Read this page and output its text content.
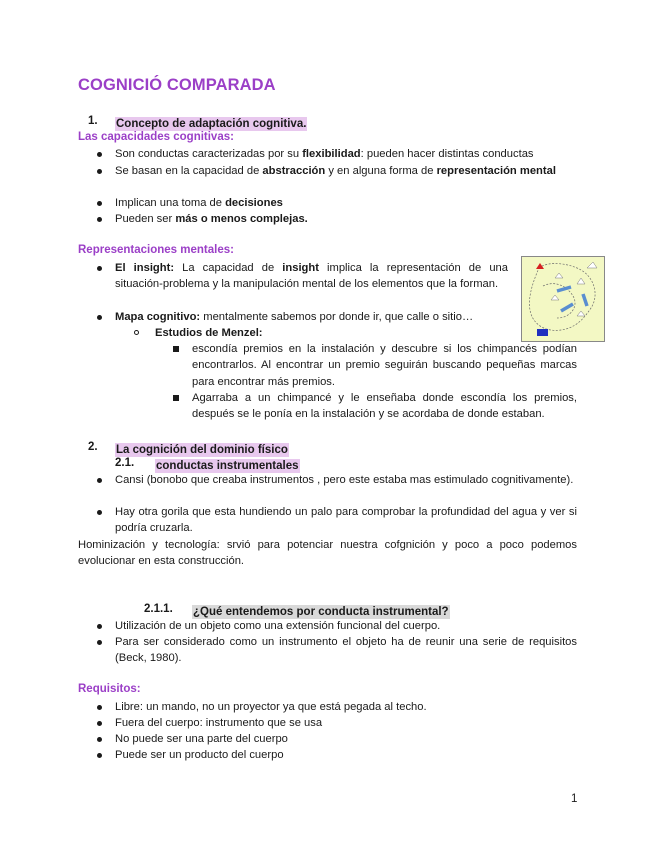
COGNICIÓ COMPARADA
1. Concepto de adaptación cognitiva.
Las capacidades cognitivas:
Son conductas caracterizadas por su flexibilidad: pueden hacer distintas conductas
Se basan en la capacidad de abstracción y en alguna forma de representación mental
Implican una toma de decisiones
Pueden ser más o menos complejas.
Representaciones mentales:
El insight: La capacidad de insight implica la representación de una situación-problema y la manipulación mental de los elementos que la forman.
Mapa cognitivo: mentalmente sabemos por donde ir, que calle o sitio…
Estudios de Menzel:
escondía premios en la instalación y descubre si los chimpancés podían encontrarlos. Al encontrar un premio seguirán buscando pequeñas marcas para encontrar más premios.
Agarraba a un chimpancé y le enseñaba donde escondía los premios, después se le ponía en la instalación y se acordaba de donde estaban.
2. La cognición del dominio físico
2.1. conductas instrumentales
Cansi (bonobo que creaba instrumentos , pero este estaba mas estimulado cognitivamente).
Hay otra gorila que esta hundiendo un palo para comprobar la profundidad del agua y ver si podría cruzarla.
Hominización y tecnología: srvió para potenciar nuestra cofgnición y poco a poco podemos evolucionar en esta construcción.
2.1.1. ¿Qué entendemos por conducta instrumental?
Utilización de un objeto como una extensión funcional del cuerpo.
Para ser considerado como un instrumento el objeto ha de reunir una serie de requisitos (Beck, 1980).
Requisitos:
Libre: un mando, no un proyector ya que está pegada al techo.
Fuera del cuerpo: instrumento que se usa
No puede ser una parte del cuerpo
Puede ser un producto del cuerpo
1
